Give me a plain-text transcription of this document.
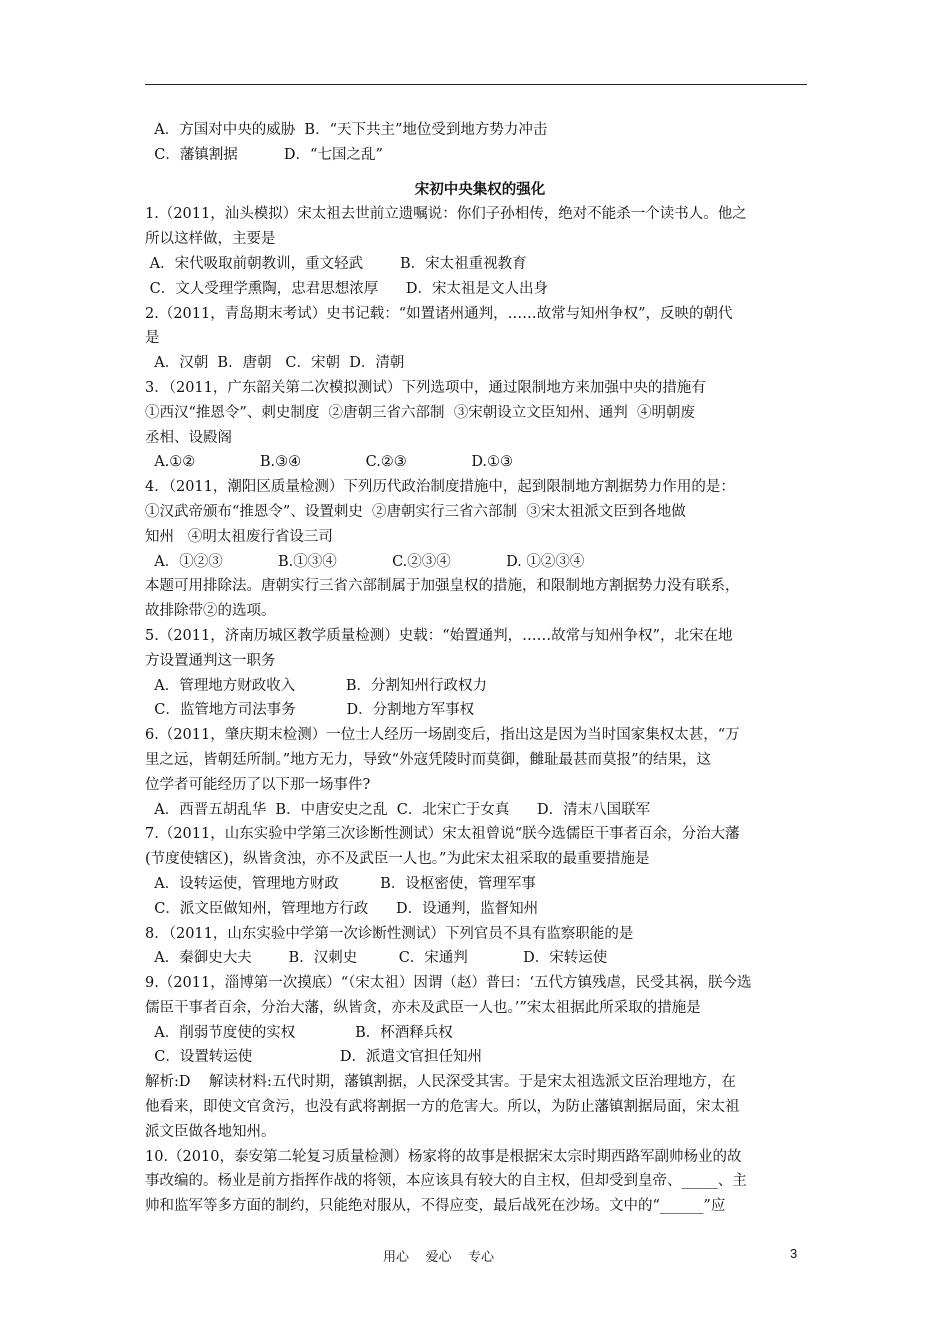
A．方国对中央的威胁  B．“天下共主”地位受到地方势力冲击
C．藩镇割据          D．“七国之乱”
宋初中央集权的强化
1.（2011，汕头模拟）宋太祖去世前立遗嘱说：你们子孙相传，绝对不能杀一个读书人。他之
所以这样做，主要是
A．宋代吸取前朝教训，重文轻武        B．宋太祖重视教育
C．文人受理学熏陶，忠君思想浓厚      D．宋太祖是文人出身
2.（2011，青岛期末考试）史书记载：“如置诸州通判，……故常与知州争权”，反映的朝代
是
A．汉朝  B．唐朝   C．宋朝  D．清朝
3．（2011，广东韶关第二次模拟测试）下列选项中，通过限制地方来加强中央的措施有
①西汉“推恩令”、刺史制度  ②唐朝三省六部制  ③宋朝设立文臣知州、通判  ④明朝废
丞相、设殿阁
A.①②              B.③④              C.②③              D.①③
4．（2011，潮阳区质量检测）下列历代政治制度措施中，起到限制地方割据势力作用的是：
①汉武帝颁布“推恩令”、设置刺史  ②唐朝实行三省六部制  ③宋太祖派文臣到各地做
知州   ④明太祖废行省设三司
A．①②③            B.①③④            C.②③④            D. ①②③④
本题可用排除法。唐朝实行三省六部制属于加强皇权的措施，和限制地方割据势力没有联系，
故排除带②的选项。
5.（2011，济南历城区教学质量检测）史载：“始置通判，……故常与知州争权”，北宋在地
方设置通判这一职务
A．管理地方财政收入           B．分割知州行政权力
C．监管地方司法事务           D．分割地方军事权
6.（2011，肇庆期末检测）一位士人经历一场剧变后，指出这是因为当时国家集权太甚，“万
里之远，皆朝廷所制。”地方无力，导致“外寇凭陵时而莫御，雠耻最甚而莫报”的结果，这
位学者可能经历了以下那一场事件?
A．西晋五胡乱华  B．中唐安史之乱  C．北宋亡于女真      D．清末八国联军
7.（2011，山东实验中学第三次诊断性测试）宋太祖曾说“朕今选儒臣干事者百余，分治大藩
(节度使辖区)，纵皆贪浊，亦不及武臣一人也。”为此宋太祖采取的最重要措施是
A．设转运使，管理地方财政         B．设枢密使，管理军事
C．派文臣做知州，管理地方行政      D．设通判，监督知州
8．（2011，山东实验中学第一次诊断性测试）下列官员不具有监察职能的是
A．秦御史大夫        B．汉刺史         C．宋通判            D．宋转运使
9.（2011，淄博第一次摸底）“（宋太祖）因谓（赵）普曰：‘五代方镇残虐，民受其祸，朕今选
儒臣干事者百余，分治大藩，纵皆贪，亦未及武臣一人也。’”宋太祖据此所采取的措施是
A．削弱节度使的实权             B．杯酒释兵权
C．设置转运使                   D．派遣文官担任知州
解析:D    解读材料:五代时期，藩镇割据，人民深受其害。于是宋太祖选派文臣治理地方，在
他看来，即使文官贪污，也没有武将割据一方的危害大。所以，为防止藩镇割据局面，宋太祖
派文臣做各地知州。
10.（2010，泰安第二轮复习质量检测）杨家将的故事是根据宋太宗时期西路军副帅杨业的故
事改编的。杨业是前方指挥作战的将领，本应该具有较大的自主权，但却受到皇帝、_____、主
帅和监军等多方面的制约，只能绝对服从，不得应变，最后战死在沙场。文中的“______”应
用心    爱心    专心	3
